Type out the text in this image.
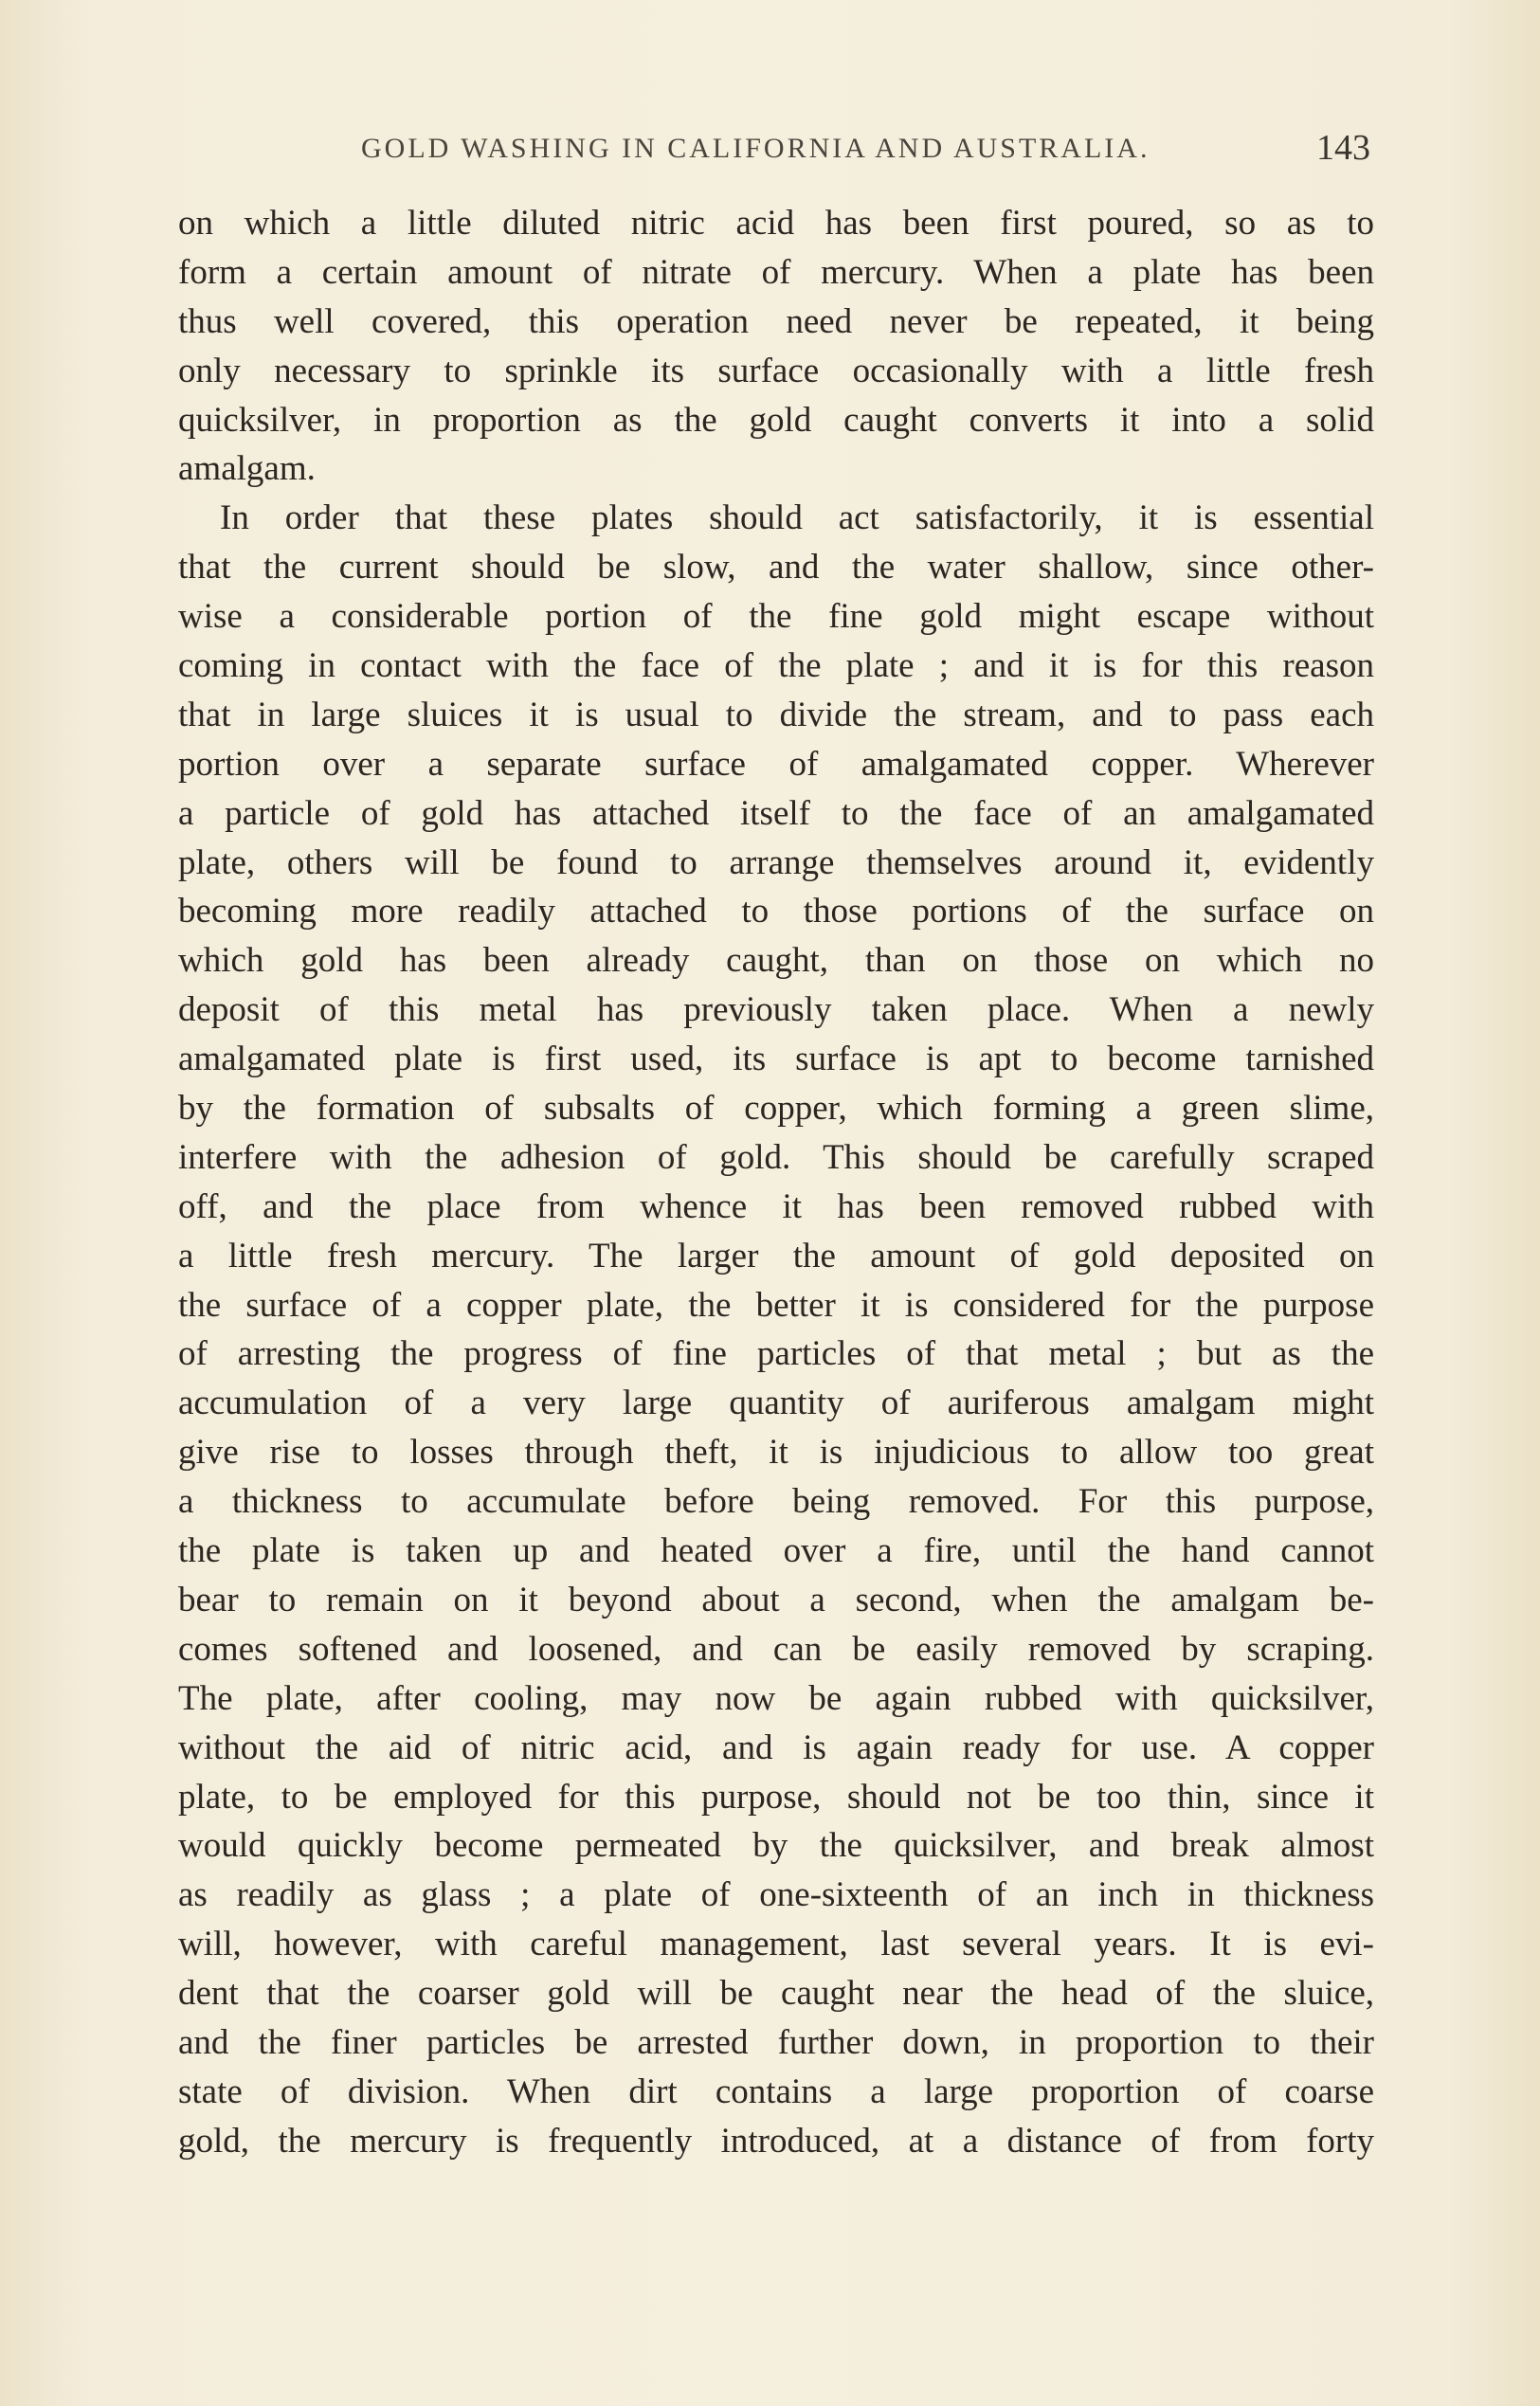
GOLD WASHING IN CALIFORNIA AND AUSTRALIA.	143
on which a little diluted nitric acid has been first poured, so as to
form a certain amount of nitrate of mercury. When a plate has been
thus well covered, this operation need never be repeated, it being
only necessary to sprinkle its surface occasionally with a little fresh
quicksilver, in proportion as the gold caught converts it into a solid
amalgam.
In order that these plates should act satisfactorily, it is essential
that the current should be slow, and the water shallow, since other-
wise a considerable portion of the fine gold might escape without
coming in contact with the face of the plate ; and it is for this reason
that in large sluices it is usual to divide the stream, and to pass each
portion over a separate surface of amalgamated copper. Wherever
a particle of gold has attached itself to the face of an amalgamated
plate, others will be found to arrange themselves around it, evidently
becoming more readily attached to those portions of the surface on
which gold has been already caught, than on those on which no
deposit of this metal has previously taken place. When a newly
amalgamated plate is first used, its surface is apt to become tarnished
by the formation of subsalts of copper, which forming a green slime,
interfere with the adhesion of gold. This should be carefully scraped
off, and the place from whence it has been removed rubbed with
a little fresh mercury. The larger the amount of gold deposited on
the surface of a copper plate, the better it is considered for the purpose
of arresting the progress of fine particles of that metal ; but as the
accumulation of a very large quantity of auriferous amalgam might
give rise to losses through theft, it is injudicious to allow too great
a thickness to accumulate before being removed. For this purpose,
the plate is taken up and heated over a fire, until the hand cannot
bear to remain on it beyond about a second, when the amalgam be-
comes softened and loosened, and can be easily removed by scraping.
The plate, after cooling, may now be again rubbed with quicksilver,
without the aid of nitric acid, and is again ready for use. A copper
plate, to be employed for this purpose, should not be too thin, since it
would quickly become permeated by the quicksilver, and break almost
as readily as glass ; a plate of one-sixteenth of an inch in thickness
will, however, with careful management, last several years. It is evi-
dent that the coarser gold will be caught near the head of the sluice,
and the finer particles be arrested further down, in proportion to their
state of division. When dirt contains a large proportion of coarse
gold, the mercury is frequently introduced, at a distance of from forty
